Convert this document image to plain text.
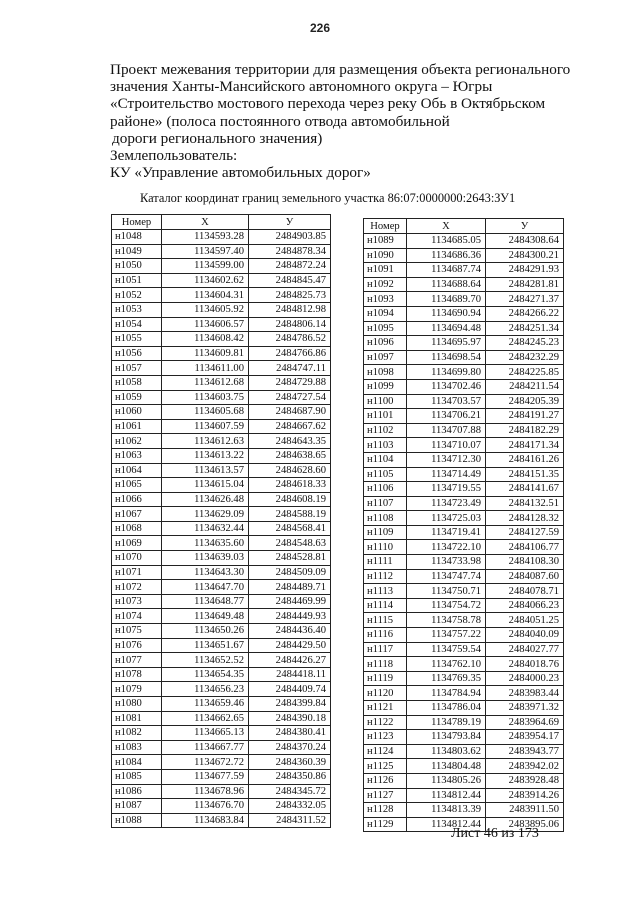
226
Проект межевания территории для размещения объекта регионального
значения Ханты-Мансийского автономного округа – Югры
«Строительство мостового перехода через реку Обь в Октябрьском
районе» (полоса постоянного отвода автомобильной
дороги регионального значения)
Землепользователь:
КУ «Управление автомобильных дорог»
Каталог координат границ земельного участка 86:07:0000000:2643:ЗУ1
Номер	X	У
н1048	1134593.28	2484903.85
н1049	1134597.40	2484878.34
н1050	1134599.00	2484872.24
н1051	1134602.62	2484845.47
н1052	1134604.31	2484825.73
н1053	1134605.92	2484812.98
н1054	1134606.57	2484806.14
н1055	1134608.42	2484786.52
н1056	1134609.81	2484766.86
н1057	1134611.00	2484747.11
н1058	1134612.68	2484729.88
н1059	1134603.75	2484727.54
н1060	1134605.68	2484687.90
н1061	1134607.59	2484667.62
н1062	1134612.63	2484643.35
н1063	1134613.22	2484638.65
н1064	1134613.57	2484628.60
н1065	1134615.04	2484618.33
н1066	1134626.48	2484608.19
н1067	1134629.09	2484588.19
н1068	1134632.44	2484568.41
н1069	1134635.60	2484548.63
н1070	1134639.03	2484528.81
н1071	1134643.30	2484509.09
н1072	1134647.70	2484489.71
н1073	1134648.77	2484469.99
н1074	1134649.48	2484449.93
н1075	1134650.26	2484436.40
н1076	1134651.67	2484429.50
н1077	1134652.52	2484426.27
н1078	1134654.35	2484418.11
н1079	1134656.23	2484409.74
н1080	1134659.46	2484399.84
н1081	1134662.65	2484390.18
н1082	1134665.13	2484380.41
н1083	1134667.77	2484370.24
н1084	1134672.72	2484360.39
н1085	1134677.59	2484350.86
н1086	1134678.96	2484345.72
н1087	1134676.70	2484332.05
н1088	1134683.84	2484311.52
Номер	X	У
н1089	1134685.05	2484308.64
н1090	1134686.36	2484300.21
н1091	1134687.74	2484291.93
н1092	1134688.64	2484281.81
н1093	1134689.70	2484271.37
н1094	1134690.94	2484266.22
н1095	1134694.48	2484251.34
н1096	1134695.97	2484245.23
н1097	1134698.54	2484232.29
н1098	1134699.80	2484225.85
н1099	1134702.46	2484211.54
н1100	1134703.57	2484205.39
н1101	1134706.21	2484191.27
н1102	1134707.88	2484182.29
н1103	1134710.07	2484171.34
н1104	1134712.30	2484161.26
н1105	1134714.49	2484151.35
н1106	1134719.55	2484141.67
н1107	1134723.49	2484132.51
н1108	1134725.03	2484128.32
н1109	1134719.41	2484127.59
н1110	1134722.10	2484106.77
н1111	1134733.98	2484108.30
н1112	1134747.74	2484087.60
н1113	1134750.71	2484078.71
н1114	1134754.72	2484066.23
н1115	1134758.78	2484051.25
н1116	1134757.22	2484040.09
н1117	1134759.54	2484027.77
н1118	1134762.10	2484018.76
н1119	1134769.35	2484000.23
н1120	1134784.94	2483983.44
н1121	1134786.04	2483971.32
н1122	1134789.19	2483964.69
н1123	1134793.84	2483954.17
н1124	1134803.62	2483943.77
н1125	1134804.48	2483942.02
н1126	1134805.26	2483928.48
н1127	1134812.44	2483914.26
н1128	1134813.39	2483911.50
н1129	1134812.44	2483895.06
Лист 46 из 173
